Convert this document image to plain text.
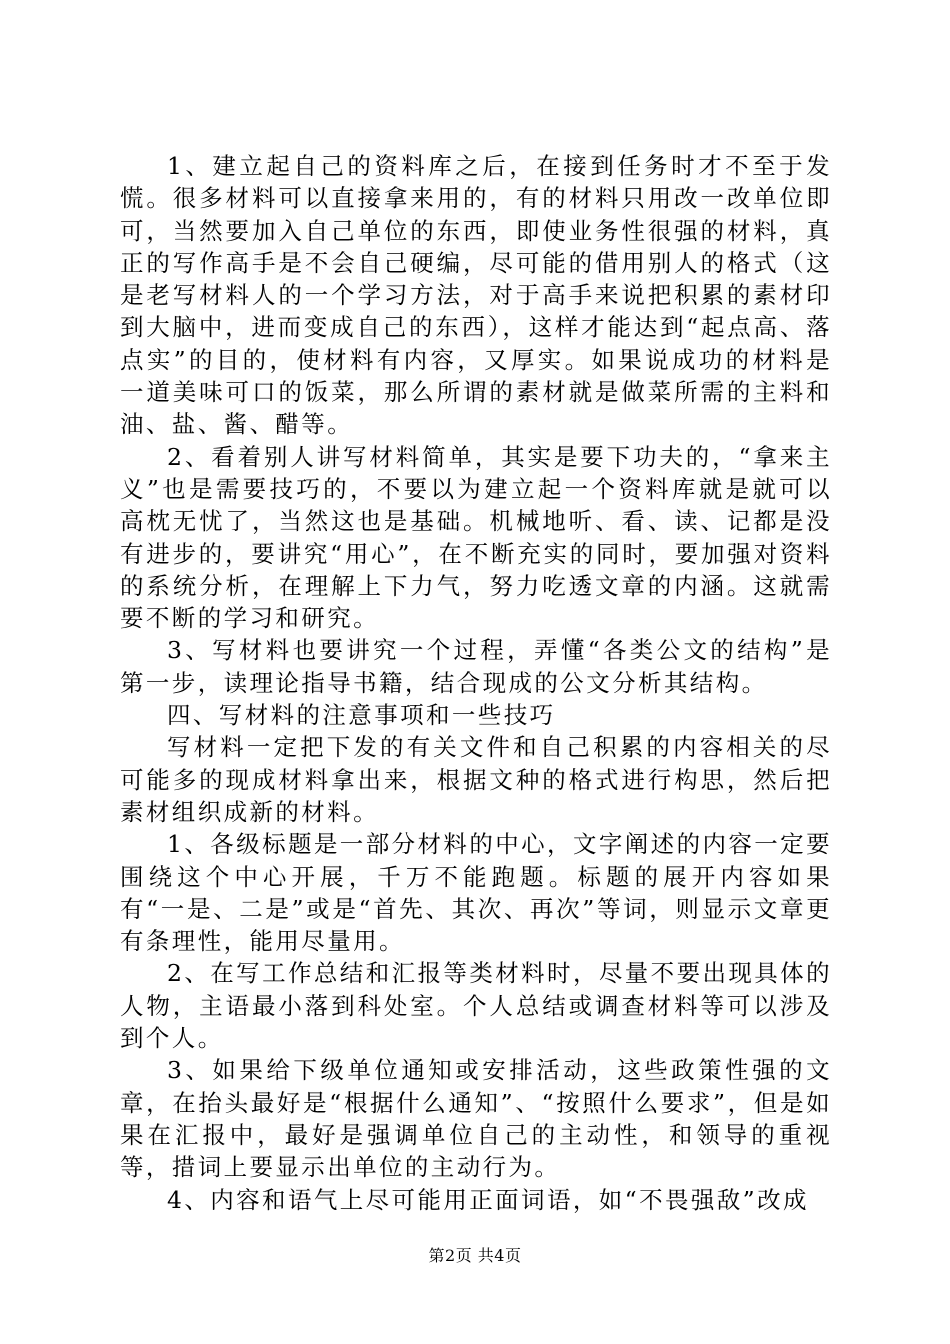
1、建立起自己的资料库之后，在接到任务时才不至于发慌。很多材料可以直接拿来用的，有的材料只用改一改单位即可，当然要加入自己单位的东西，即使业务性很强的材料，真正的写作高手是不会自己硬编，尽可能的借用别人的格式（这是老写材料人的一个学习方法，对于高手来说把积累的素材印到大脑中，进而变成自己的东西），这样才能达到“起点高、落点实”的目的，使材料有内容，又厚实。如果说成功的材料是一道美味可口的饭菜，那么所谓的素材就是做菜所需的主料和油、盐、酱、醋等。

2、看着别人讲写材料简单，其实是要下功夫的，“拿来主义”也是需要技巧的，不要以为建立起一个资料库就是就可以高枕无忧了，当然这也是基础。机械地听、看、读、记都是没有进步的，要讲究“用心”，在不断充实的同时，要加强对资料的系统分析，在理解上下力气，努力吃透文章的内涵。这就需要不断的学习和研究。

3、写材料也要讲究一个过程，弄懂“各类公文的结构”是第一步，读理论指导书籍，结合现成的公文分析其结构。

四、写材料的注意事项和一些技巧

写材料一定把下发的有关文件和自己积累的内容相关的尽可能多的现成材料拿出来，根据文种的格式进行构思，然后把素材组织成新的材料。

1、各级标题是一部分材料的中心，文字阐述的内容一定要围绕这个中心开展，千万不能跑题。标题的展开内容如果有“一是、二是”或是“首先、其次、再次”等词，则显示文章更有条理性，能用尽量用。

2、在写工作总结和汇报等类材料时，尽量不要出现具体的人物，主语最小落到科处室。个人总结或调查材料等可以涉及到个人。

3、如果给下级单位通知或安排活动，这些政策性强的文章，在抬头最好是“根据什么通知”、“按照什么要求”，但是如果在汇报中，最好是强调单位自己的主动性，和领导的重视等，措词上要显示出单位的主动行为。

4、内容和语气上尽可能用正面词语，如“不畏强敌”改成

第2页 共4页
